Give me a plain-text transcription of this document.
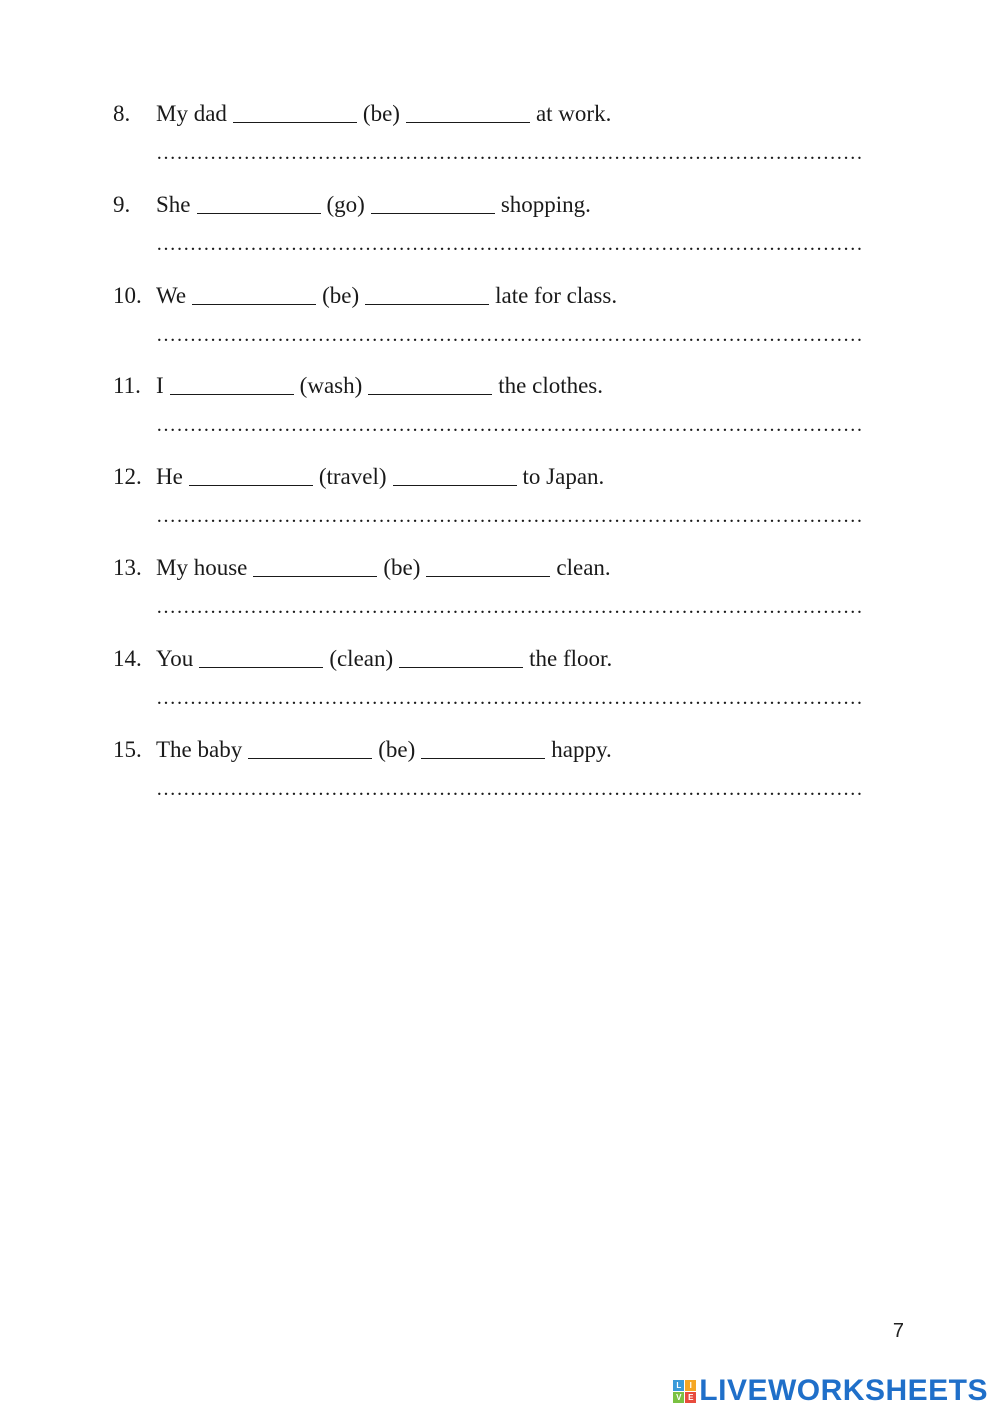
8.	My dad	(be)	at work.
……………………………………………………………………………………………
9.	She	(go)	shopping.
……………………………………………………………………………………………
10. We	(be)	late for class.
……………………………………………………………………………………………
11. I	(wash)	the clothes.
……………………………………………………………………………………………
12. He	(travel)	to Japan.
……………………………………………………………………………………………
13. My house	(be)	clean.
……………………………………………………………………………………………
14. You	(clean)	the floor.
……………………………………………………………………………………………
15. The baby	(be)	happy.
……………………………………………………………………………………………
7
L	I
V E LIVEWORKSHEETS
